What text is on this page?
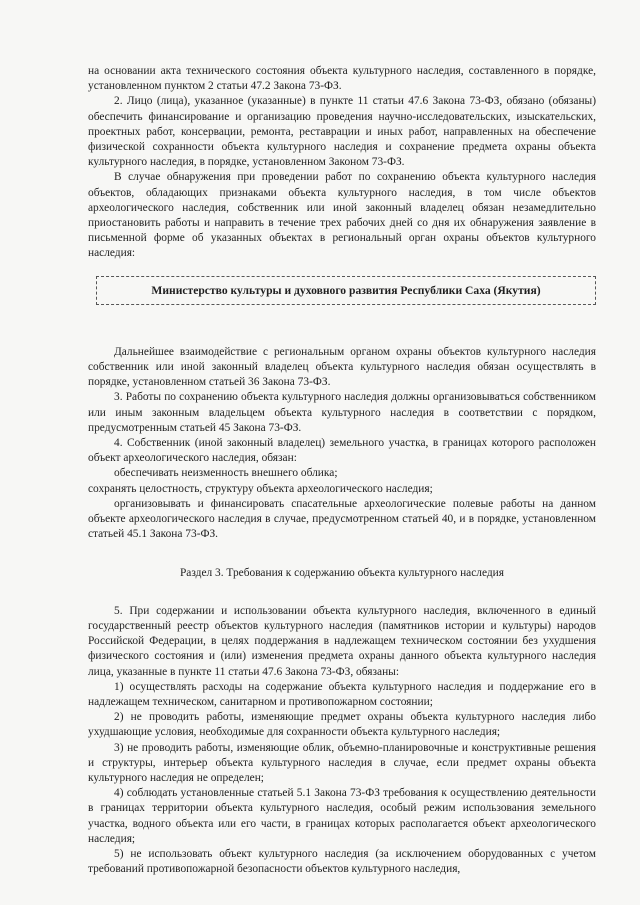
на основании акта технического состояния объекта культурного наследия, составленного в порядке, установленном пунктом 2 статьи 47.2 Закона 73-ФЗ.

2. Лицо (лица), указанное (указанные) в пункте 11 статьи 47.6 Закона 73-ФЗ, обязано (обязаны) обеспечить финансирование и организацию проведения научно-исследовательских, изыскательских, проектных работ, консервации, ремонта, реставрации и иных работ, направленных на обеспечение физической сохранности объекта культурного наследия и сохранение предмета охраны объекта культурного наследия, в порядке, установленном Законом 73-ФЗ.

В случае обнаружения при проведении работ по сохранению объекта культурного наследия объектов, обладающих признаками объекта культурного наследия, в том числе объектов археологического наследия, собственник или иной законный владелец обязан незамедлительно приостановить работы и направить в течение трех рабочих дней со дня их обнаружения заявление в письменной форме об указанных объектах в региональный орган охраны объектов культурного наследия:

Министерство культуры и духовного развития Республики Саха (Якутия)

Дальнейшее взаимодействие с региональным органом охраны объектов культурного наследия собственник или иной законный владелец объекта культурного наследия обязан осуществлять в порядке, установленном статьей 36 Закона 73-ФЗ.

3. Работы по сохранению объекта культурного наследия должны организовываться собственником или иным законным владельцем объекта культурного наследия в соответствии с порядком, предусмотренным статьей 45 Закона 73-ФЗ.

4. Собственник (иной законный владелец) земельного участка, в границах которого расположен объект археологического наследия, обязан:

обеспечивать неизменность внешнего облика;

сохранять целостность, структуру объекта археологического наследия;

организовывать и финансировать спасательные археологические полевые работы на данном объекте археологического наследия в случае, предусмотренном статьей 40, и в порядке, установленном статьей 45.1 Закона 73-ФЗ.

Раздел 3. Требования к содержанию объекта культурного наследия

5. При содержании и использовании объекта культурного наследия, включенного в единый государственный реестр объектов культурного наследия (памятников истории и культуры) народов Российской Федерации, в целях поддержания в надлежащем техническом состоянии без ухудшения физического состояния и (или) изменения предмета охраны данного объекта культурного наследия лица, указанные в пункте 11 статьи 47.6 Закона 73-ФЗ, обязаны:

1) осуществлять расходы на содержание объекта культурного наследия и поддержание его в надлежащем техническом, санитарном и противопожарном состоянии;

2) не проводить работы, изменяющие предмет охраны объекта культурного наследия либо ухудшающие условия, необходимые для сохранности объекта культурного наследия;

3) не проводить работы, изменяющие облик, объемно-планировочные и конструктивные решения и структуры, интерьер объекта культурного наследия в случае, если предмет охраны объекта культурного наследия не определен;

4) соблюдать установленные статьей 5.1 Закона 73-ФЗ требования к осуществлению деятельности в границах территории объекта культурного наследия, особый режим использования земельного участка, водного объекта или его части, в границах которых располагается объект археологического наследия;

5) не использовать объект культурного наследия (за исключением оборудованных с учетом требований противопожарной безопасности объектов культурного наследия,
